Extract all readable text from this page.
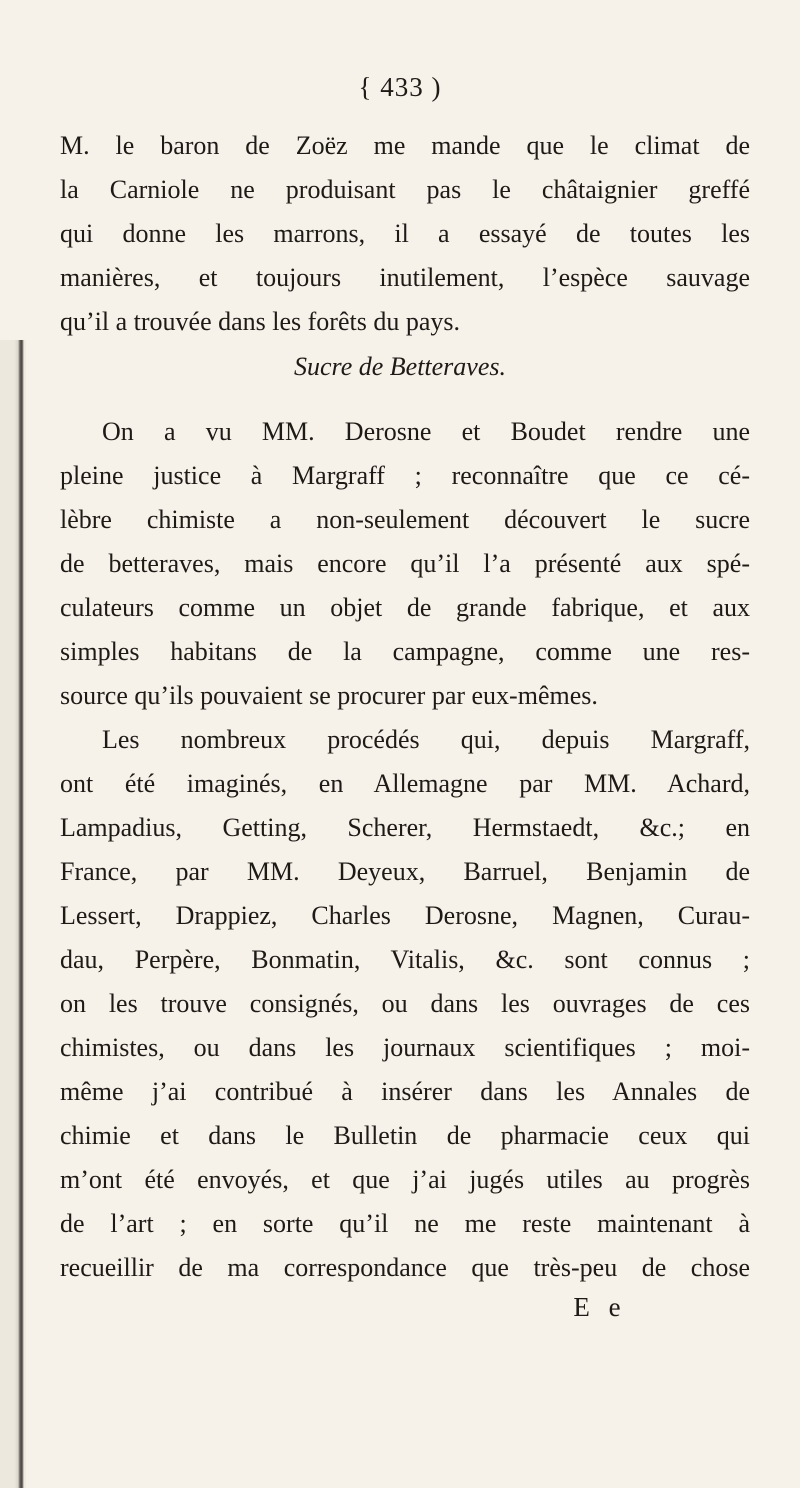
{ 433 )
M. le baron de Zoëz me mande que le climat de
la Carniole ne produisant pas le châtaignier greffé
qui donne les marrons, il a essayé de toutes les
manières, et toujours inutilement, l’espèce sauvage
qu’il a trouvée dans les forêts du pays.
Sucre de Betteraves.
On a vu MM. Derosne et Boudet rendre une
pleine justice à Margraff ; reconnaître que ce cé-
lèbre chimiste a non-seulement découvert le sucre
de betteraves, mais encore qu’il l’a présenté aux spé-
culateurs comme un objet de grande fabrique, et aux
simples habitans de la campagne, comme une res-
source qu’ils pouvaient se procurer par eux-mêmes.
Les nombreux procédés qui, depuis Margraff,
ont été imaginés, en Allemagne par MM. Achard,
Lampadius, Getting, Scherer, Hermstaedt, &c.; en
France, par MM. Deyeux, Barruel, Benjamin de
Lessert, Drappiez, Charles Derosne, Magnen, Curau-
dau, Perpère, Bonmatin, Vitalis, &c. sont connus ;
on les trouve consignés, ou dans les ouvrages de ces
chimistes, ou dans les journaux scientifiques ; moi-
même j’ai contribué à insérer dans les Annales de
chimie et dans le Bulletin de pharmacie ceux qui
m’ont été envoyés, et que j’ai jugés utiles au progrès
de l’art ; en sorte qu’il ne me reste maintenant à
recueillir de ma correspondance que très-peu de chose
E e
